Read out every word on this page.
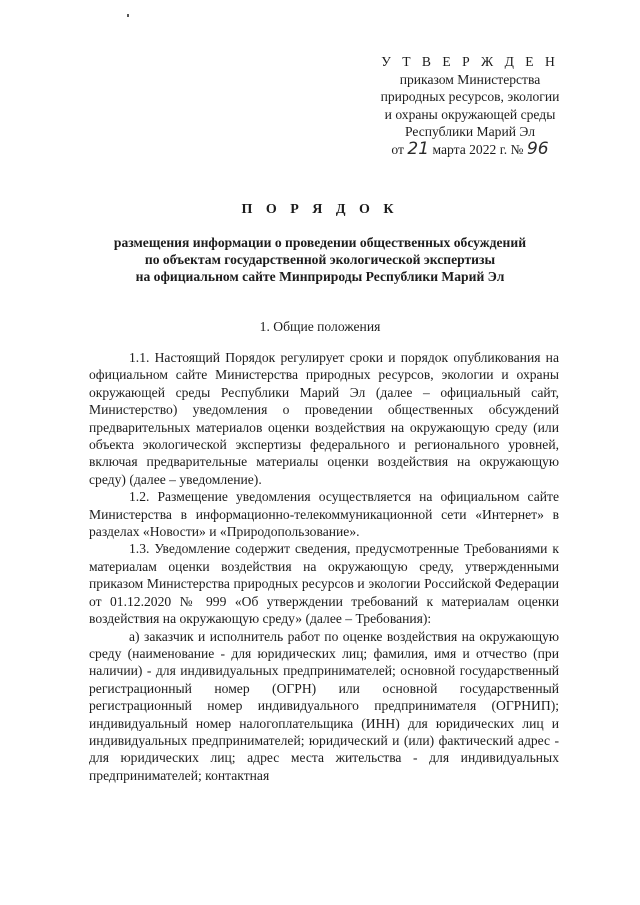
У Т В Е Р Ж Д Е Н
приказом Министерства
природных ресурсов, экологии
и охраны окружающей среды
Республики Марий Эл
от 21 марта 2022 г. № 96
П О Р Я Д О К
размещения информации о проведении общественных обсуждений
по объектам государственной экологической экспертизы
на официальном сайте Минприроды Республики Марий Эл
1. Общие положения

1.1. Настоящий Порядок регулирует сроки и порядок опубликования на официальном сайте Министерства природных ресурсов, экологии и охраны окружающей среды Республики Марий Эл (далее – официальный сайт, Министерство) уведомления о проведении общественных обсуждений предварительных материалов оценки воздействия на окружающую среду (или объекта экологической экспертизы федерального и регионального уровней, включая предварительные материалы оценки воздействия на окружающую среду) (далее – уведомление).

1.2. Размещение уведомления осуществляется на официальном сайте Министерства в информационно-телекоммуникационной сети «Интернет» в разделах «Новости» и «Природопользование».

1.3. Уведомление содержит сведения, предусмотренные Требованиями к материалам оценки воздействия на окружающую среду, утвержденными приказом Министерства природных ресурсов и экологии Российской Федерации от 01.12.2020 № 999 «Об утверждении требований к материалам оценки воздействия на окружающую среду» (далее – Требования):

а) заказчик и исполнитель работ по оценке воздействия на окружающую среду (наименование - для юридических лиц; фамилия, имя и отчество (при наличии) - для индивидуальных предпринимателей; основной государственный регистрационный номер (ОГРН) или основной государственный регистрационный номер индивидуального предпринимателя (ОГРНИП); индивидуальный номер налогоплательщика (ИНН) для юридических лиц и индивидуальных предпринимателей; юридический и (или) фактический адрес - для юридических лиц; адрес места жительства - для индивидуальных предпринимателей; контактная
